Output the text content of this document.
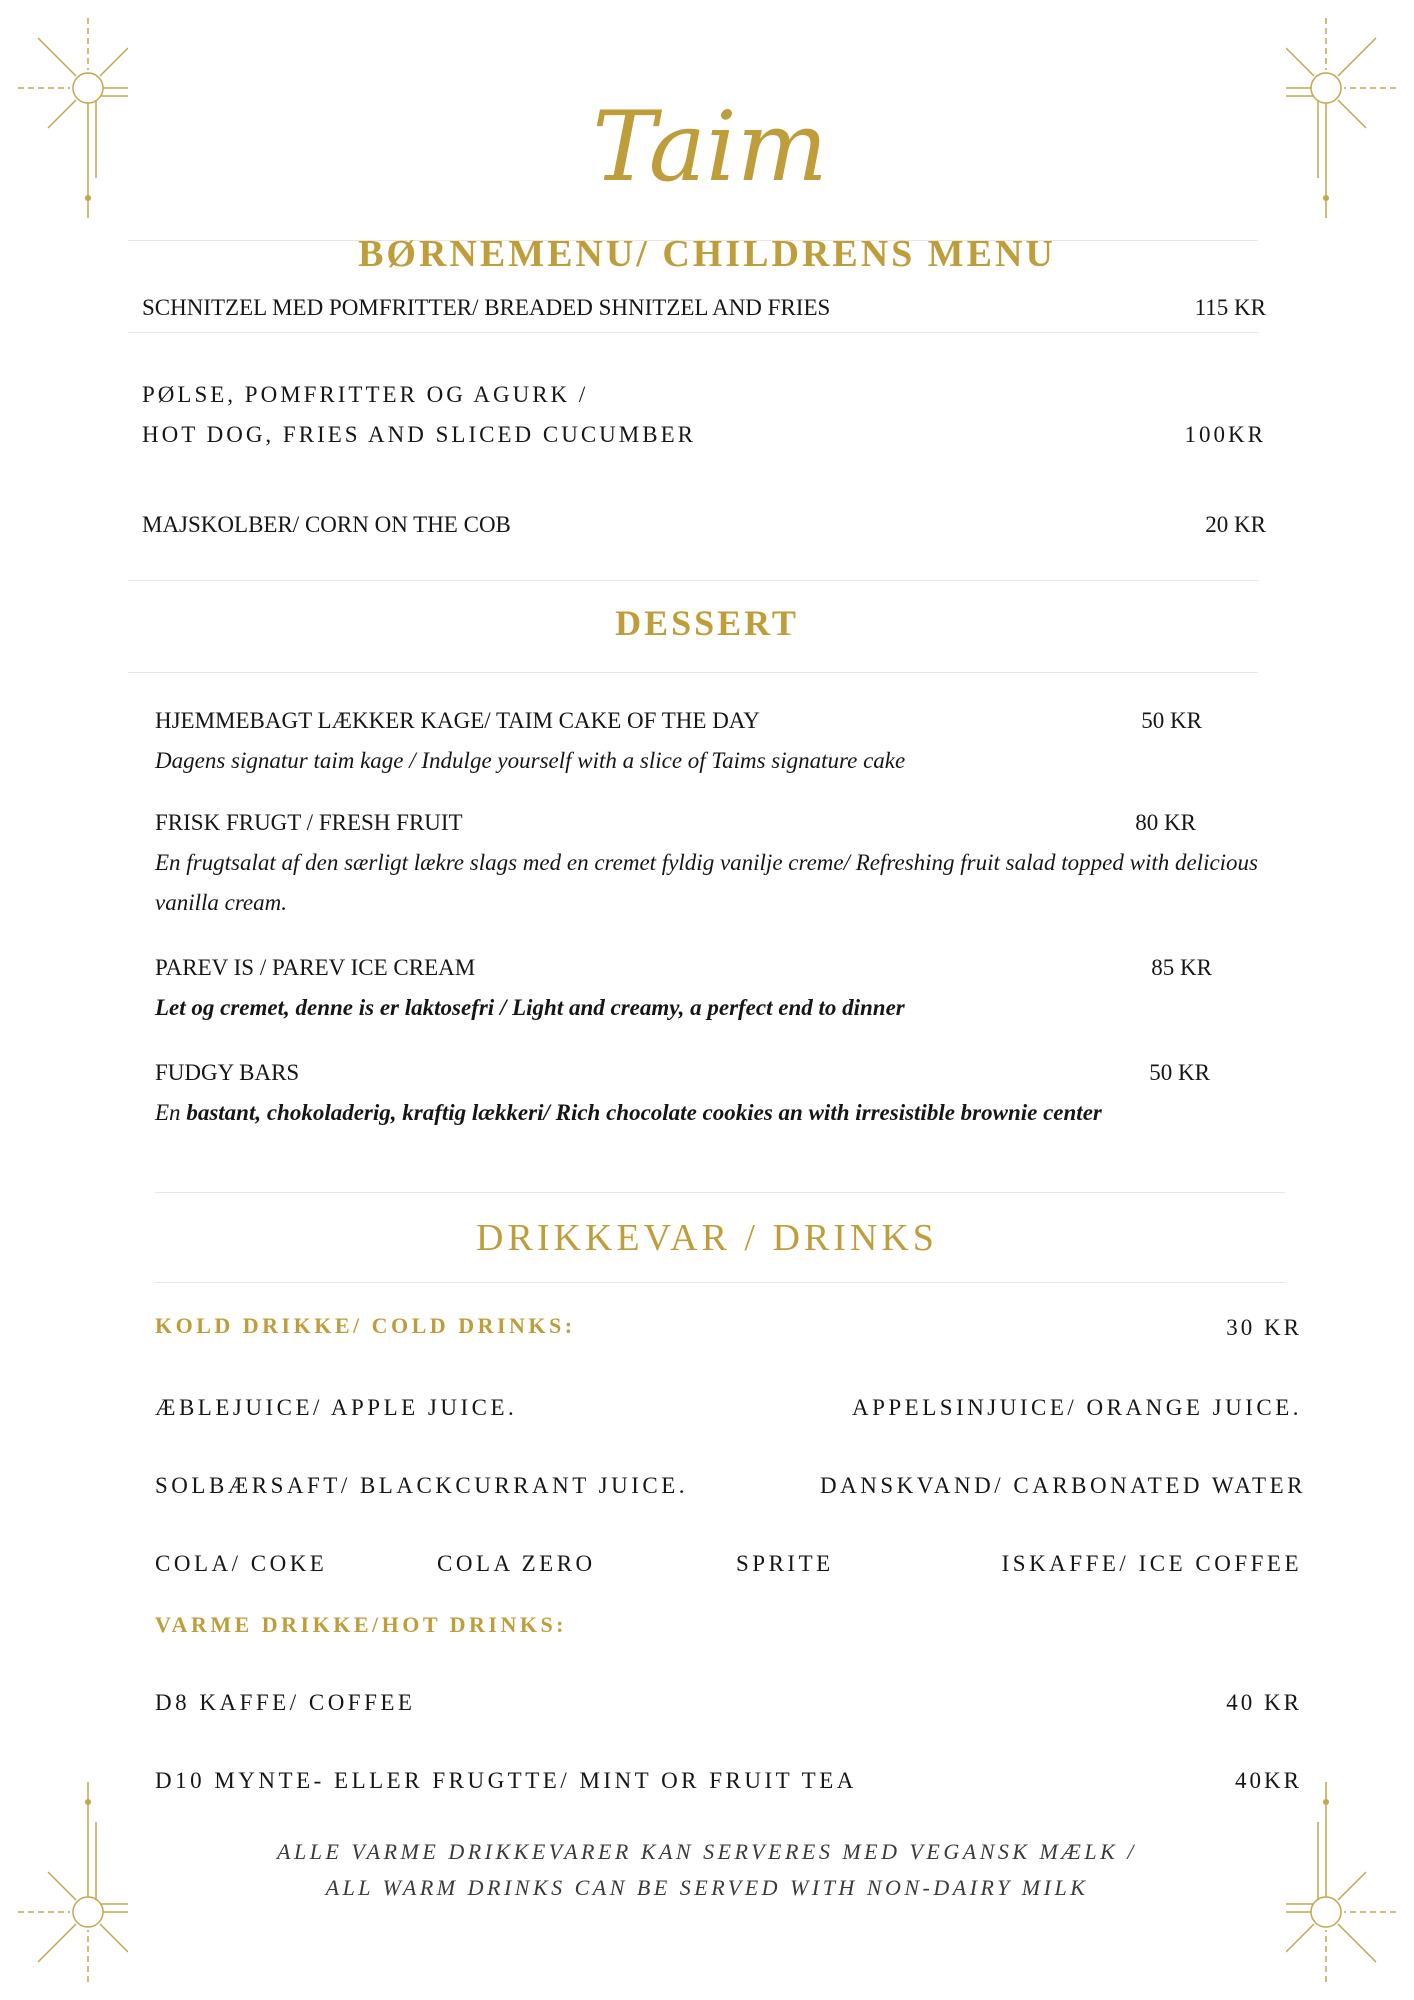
Taim
BØRNEMENU/ CHILDRENS MENU
SCHNITZEL MED POMFRITTER/ BREADED SHNITZEL AND FRIES	115 KR
PØLSE, POMFRITTER OG AGURK /
HOT DOG, FRIES AND SLICED CUCUMBER	100KR
MAJSKOLBER/ CORN ON THE COB	20 KR
DESSERT
HJEMMEBAGT LÆKKER KAGE/ TAIM CAKE OF THE DAY	50 KR
Dagens signatur taim kage / Indulge yourself with a slice of Taims signature cake
FRISK FRUGT / FRESH FRUIT	80 KR
En frugtsalat af den særligt lækre slags med en cremet fyldig vanilje creme/ Refreshing fruit salad topped with delicious vanilla cream.
PAREV IS / PAREV ICE CREAM	85 KR
Let og cremet, denne is er laktosefri / Light and creamy, a perfect end to dinner
FUDGY BARS	50 KR
En bastant, chokoladerig, kraftig lækkeri/ Rich chocolate cookies an with irresistible brownie center
DRIKKEVAR / DRINKS
KOLD DRIKKE/ COLD DRINKS:	30 KR
ÆBLEJUICE/ APPLE JUICE.	APPELSINJUICE/ ORANGE JUICE.
SOLBÆRSAFT/ BLACKCURRANT JUICE.	DANSKVAND/ CARBONATED WATER
COLA/ COKE	COLA ZERO	SPRITE	ISKAFFE/ ICE COFFEE
VARME DRIKKE/HOT DRINKS:
D8 KAFFE/ COFFEE	40 KR
D10 MYNTE- ELLER FRUGTTE/ MINT OR FRUIT TEA	40KR
ALLE VARME DRIKKEVARER KAN SERVERES MED VEGANSK MÆLK /
ALL WARM DRINKS CAN BE SERVED WITH NON-DAIRY MILK
